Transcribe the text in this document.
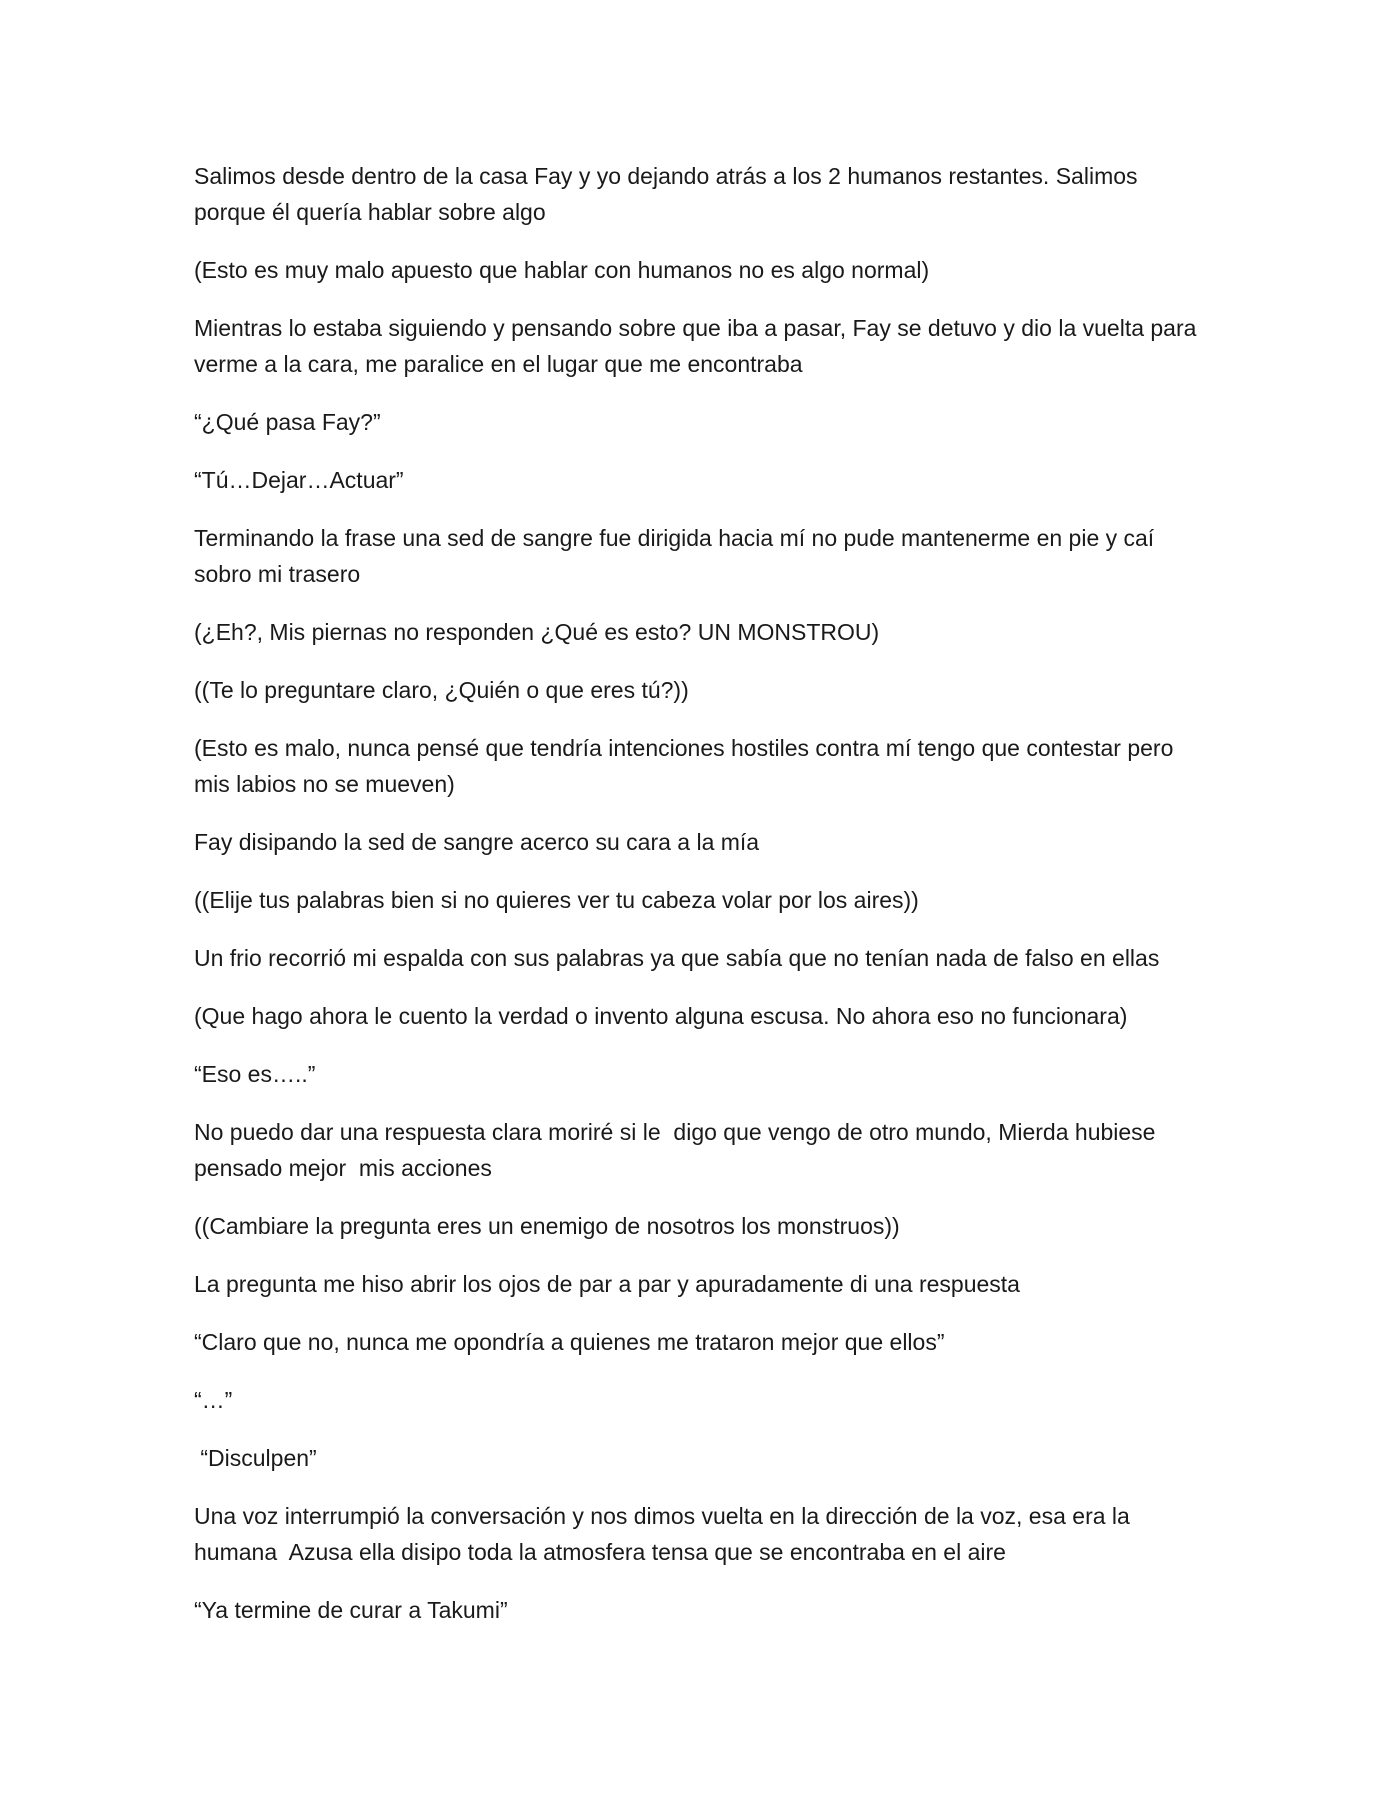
Salimos desde dentro de la casa Fay y yo dejando atrás a los 2 humanos restantes. Salimos porque él quería hablar sobre algo

(Esto es muy malo apuesto que hablar con humanos no es algo normal)

Mientras lo estaba siguiendo y pensando sobre que iba a pasar, Fay se detuvo y dio la vuelta para verme a la cara, me paralice en el lugar que me encontraba

“¿Qué pasa Fay?”

“Tú…Dejar…Actuar”

Terminando la frase una sed de sangre fue dirigida hacia mí no pude mantenerme en pie y caí sobro mi trasero

(¿Eh?, Mis piernas no responden ¿Qué es esto? UN MONSTROU)

((Te lo preguntare claro, ¿Quién o que eres tú?))

(Esto es malo, nunca pensé que tendría intenciones hostiles contra mí tengo que contestar pero mis labios no se mueven)

Fay disipando la sed de sangre acerco su cara a la mía

((Elije tus palabras bien si no quieres ver tu cabeza volar por los aires))

Un frio recorrió mi espalda con sus palabras ya que sabía que no tenían nada de falso en ellas

(Que hago ahora le cuento la verdad o invento alguna escusa. No ahora eso no funcionara)

“Eso es…..”

No puedo dar una respuesta clara moriré si le  digo que vengo de otro mundo, Mierda hubiese pensado mejor  mis acciones

((Cambiare la pregunta eres un enemigo de nosotros los monstruos))

La pregunta me hiso abrir los ojos de par a par y apuradamente di una respuesta

“Claro que no, nunca me opondría a quienes me trataron mejor que ellos”

“…”

“Disculpen”

Una voz interrumpió la conversación y nos dimos vuelta en la dirección de la voz, esa era la humana  Azusa ella disipo toda la atmosfera tensa que se encontraba en el aire

“Ya termine de curar a Takumi”
